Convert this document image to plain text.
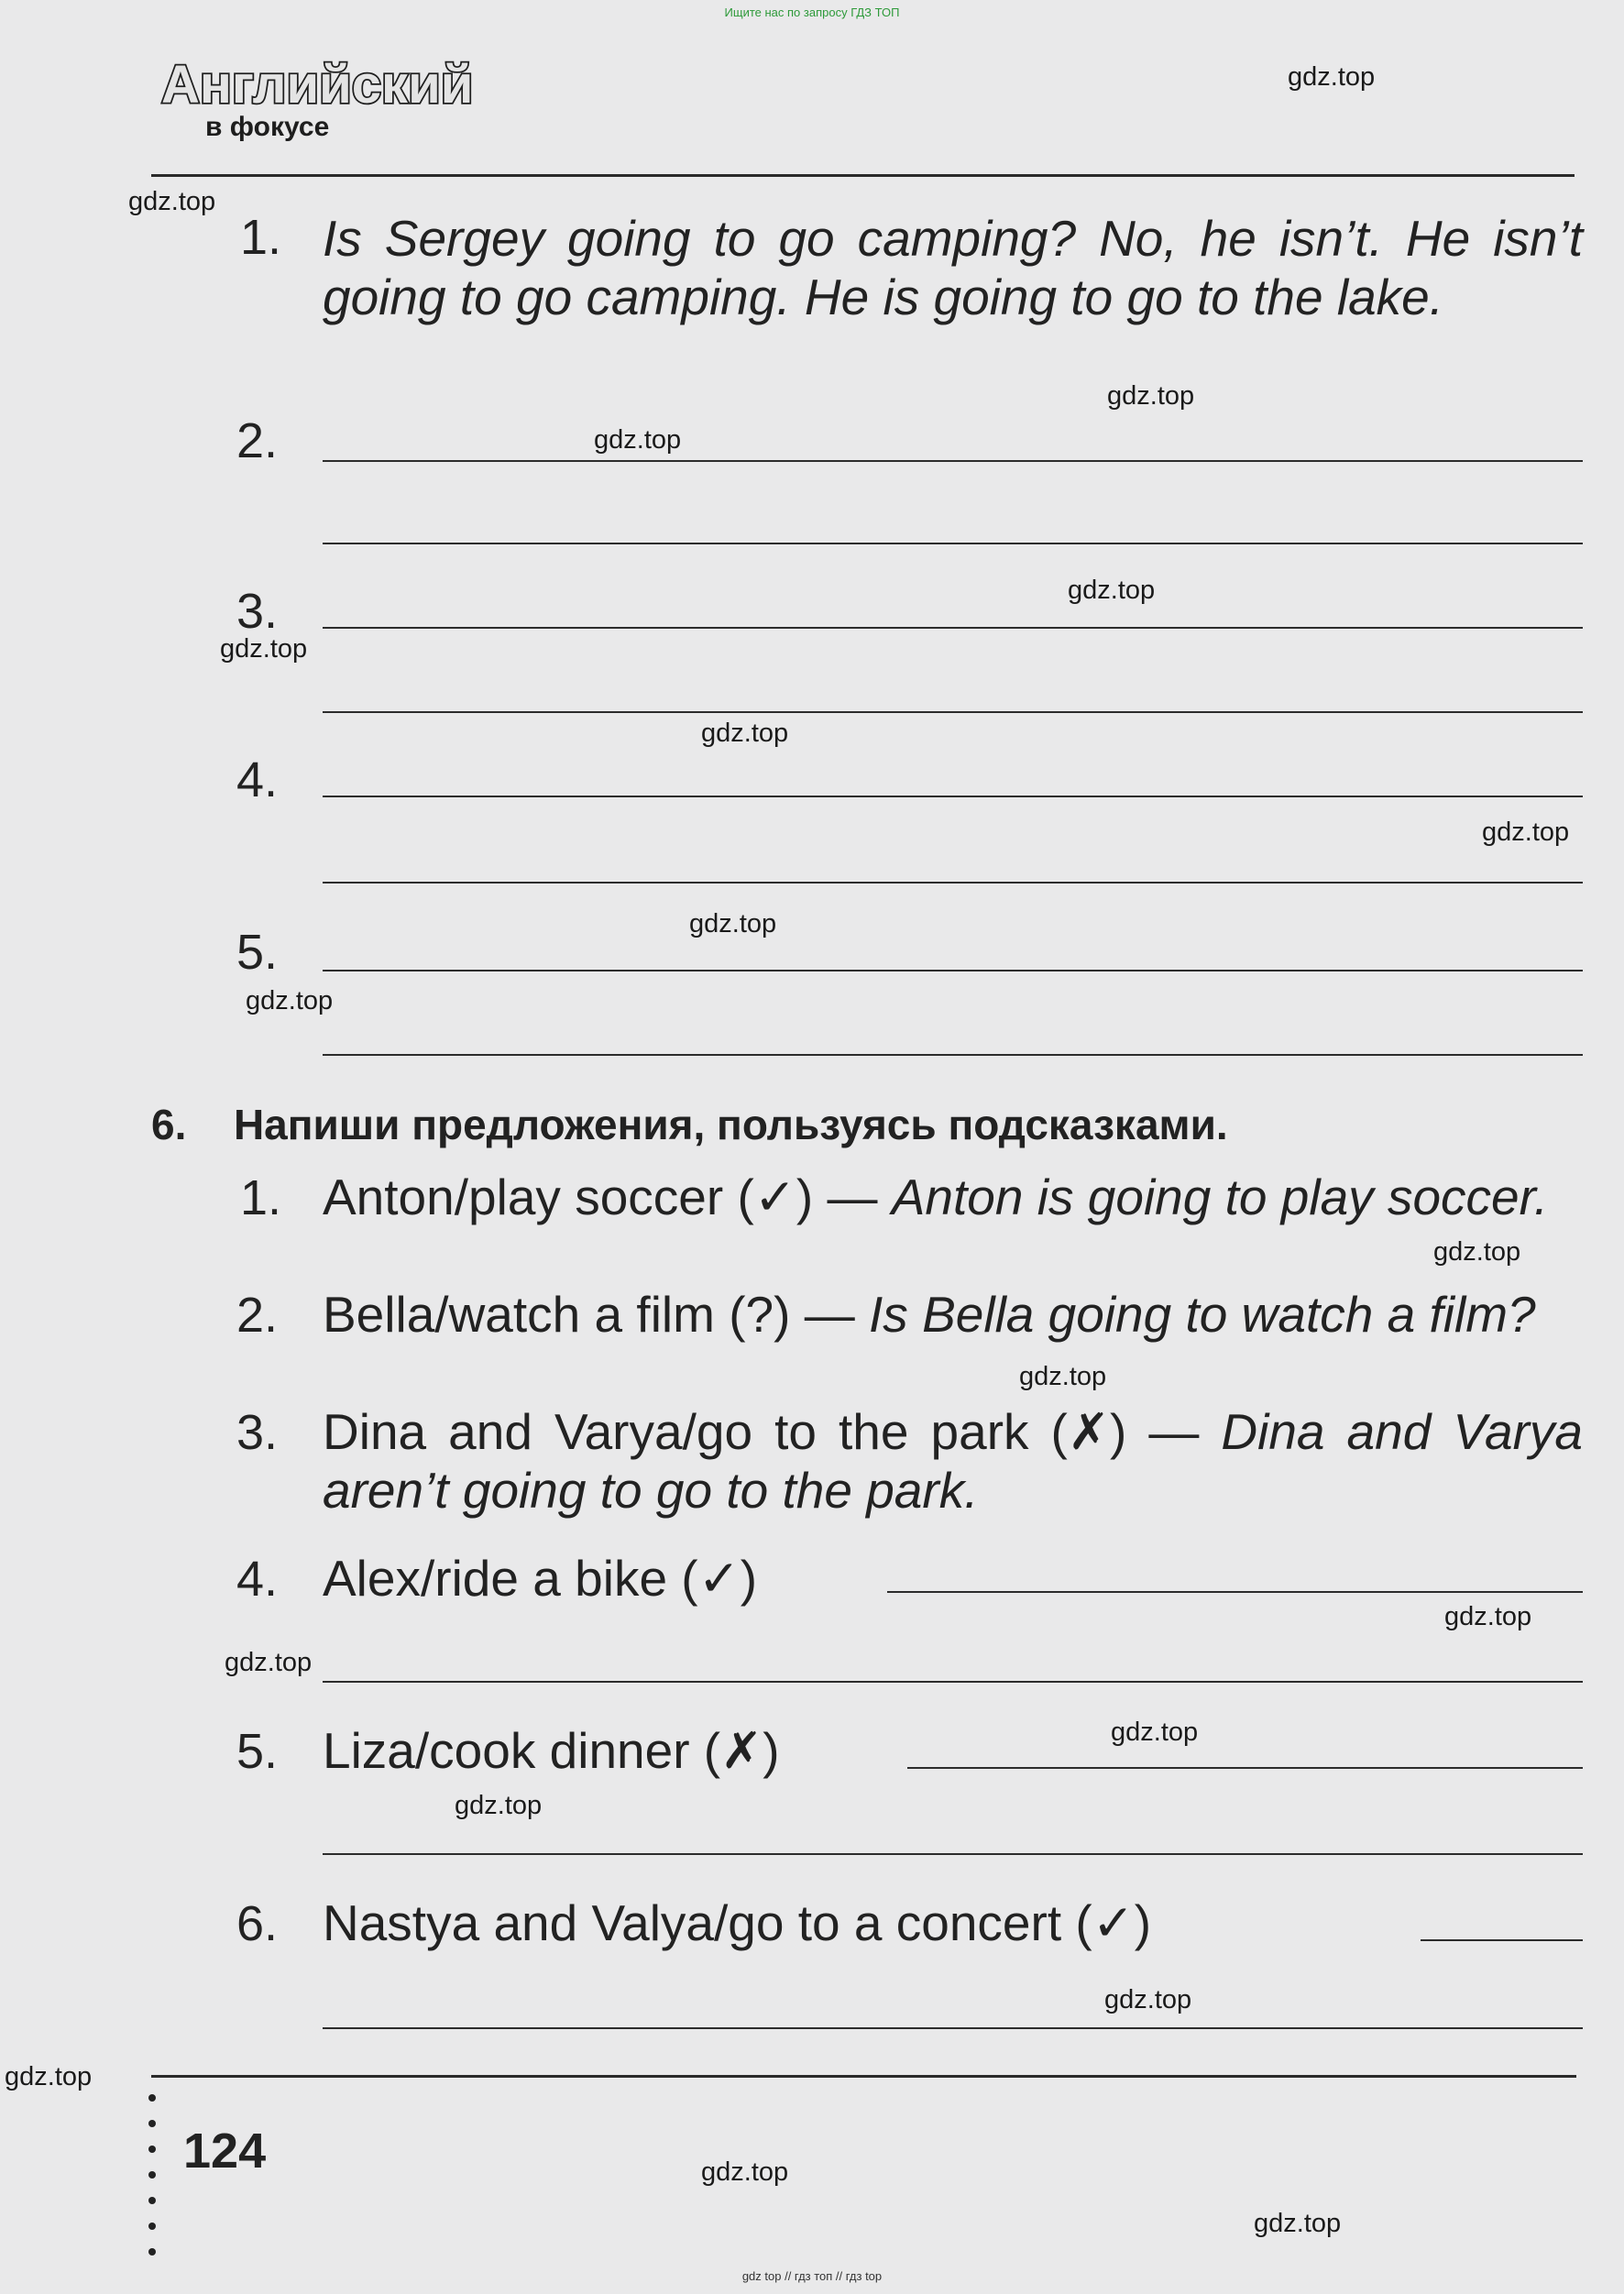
Ищите нас по запросу ГДЗ ТОП
Английский
в фокусе
1. Is Sergey going to go camping? No, he isn’t. He isn’t going to go camping. He is going to go to the lake.
2.
3.
4.
5.
6. Напиши предложения, пользуясь подсказками.
1. Anton/play soccer (✓) — Anton is going to play soccer.
2. Bella/watch a film (?) — Is Bella going to watch a film?
3. Dina and Varya/go to the park (✗) — Dina and Varya aren’t going to go to the park.
4. Alex/ride a bike (✓)
5. Liza/cook dinner (✗)
6. Nastya and Valya/go to a concert (✓)
124
gdz.top
gdz.top
gdz.top
gdz.top
gdz.top
gdz.top
gdz.top
gdz.top
gdz.top
gdz.top
gdz.top
gdz.top
gdz.top
gdz.top
gdz.top
gdz.top
gdz.top
gdz.top
gdz.top
gdz.top
gdz top // гдз топ // гдз top
